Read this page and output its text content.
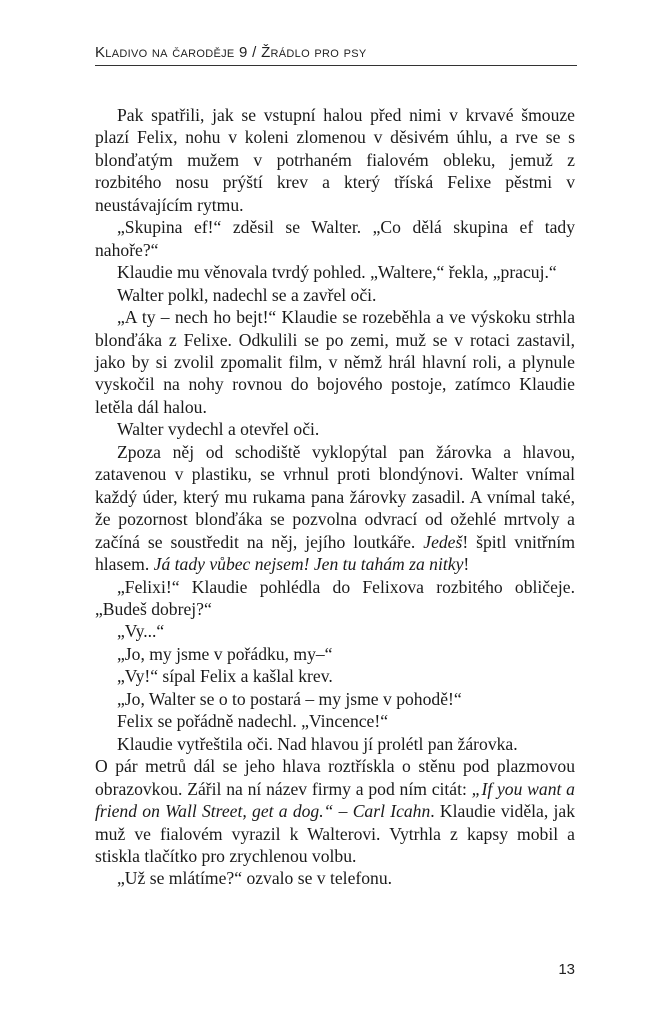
Kladivo na čaroděje 9 / Žrádlo pro psy

Pak spatřili, jak se vstupní halou před nimi v krvavé šmouze plazí Felix, nohu v koleni zlomenou v děsivém úhlu, a rve se s blonďatým mužem v potrhaném fialovém obleku, jemuž z rozbitého nosu prýští krev a který tříská Felixe pěstmi v neustávajícím rytmu.

„Skupina ef!“ zděsil se Walter. „Co dělá skupina ef tady nahoře?“

Klaudie mu věnovala tvrdý pohled. „Waltere,“ řekla, „pracuj.“

Walter polkl, nadechl se a zavřel oči.

„A ty – nech ho bejt!“ Klaudie se rozeběhla a ve výskoku strhla blonďáka z Felixe. Odkulili se po zemi, muž se v rotaci zastavil, jako by si zvolil zpomalit film, v němž hrál hlavní roli, a plynule vyskočil na nohy rovnou do bojového postoje, zatímco Klaudie letěla dál halou.

Walter vydechl a otevřel oči.

Zpoza něj od schodiště vyklopýtal pan žárovka a hlavou, zatavenou v plastiku, se vrhnul proti blondýnovi. Walter vnímal každý úder, který mu rukama pana žárovky zasadil. A vnímal také, že pozornost blonďáka se pozvolna odvrací od ožehlé mrtvoly a začíná se soustředit na něj, jejího loutkáře. Jedeš! špitl vnitřním hlasem. Já tady vůbec nejsem! Jen tu tahám za nitky!

„Felixi!“ Klaudie pohlédla do Felixova rozbitého obličeje. „Budeš dobrej?“

„Vy...“

„Jo, my jsme v pořádku, my–“

„Vy!“ sípal Felix a kašlal krev.

„Jo, Walter se o to postará – my jsme v pohodě!“

Felix se pořádně nadechl. „Vincence!“

Klaudie vytřeštila oči. Nad hlavou jí prolétl pan žárovka.

O pár metrů dál se jeho hlava roztřískla o stěnu pod plazmovou obrazovkou. Zářil na ní název firmy a pod ním citát: „If you want a friend on Wall Street, get a dog.“ – Carl Icahn. Klaudie viděla, jak muž ve fialovém vyrazil k Walterovi. Vytrhla z kapsy mobil a stiskla tlačítko pro zrychlenou volbu.

„Už se mlátíme?“ ozvalo se v telefonu.

13
